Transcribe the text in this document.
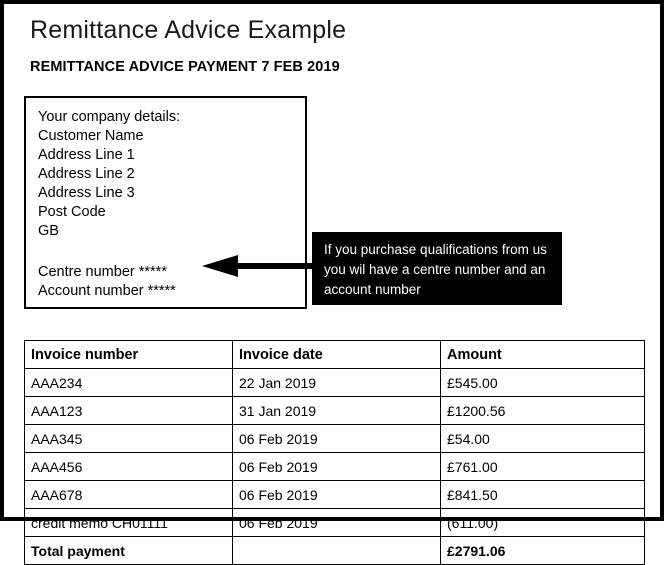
Remittance Advice Example
REMITTANCE ADVICE PAYMENT 7 FEB 2019
Your company details:
Customer Name
Address Line 1
Address Line 2
Address Line 3
Post Code
GB
Centre number *****
Account number *****
If you purchase qualifications from us you wil have a centre number and an account number
Invoice number	Invoice date	Amount
AAA234	22 Jan 2019	£545.00
AAA123	31 Jan 2019	£1200.56
AAA345	06 Feb 2019	£54.00
AAA456	06 Feb 2019	£761.00
AAA678	06 Feb 2019	£841.50
credit memo CH01111	06 Feb 2019	(611.00)
Total payment		£2791.06
